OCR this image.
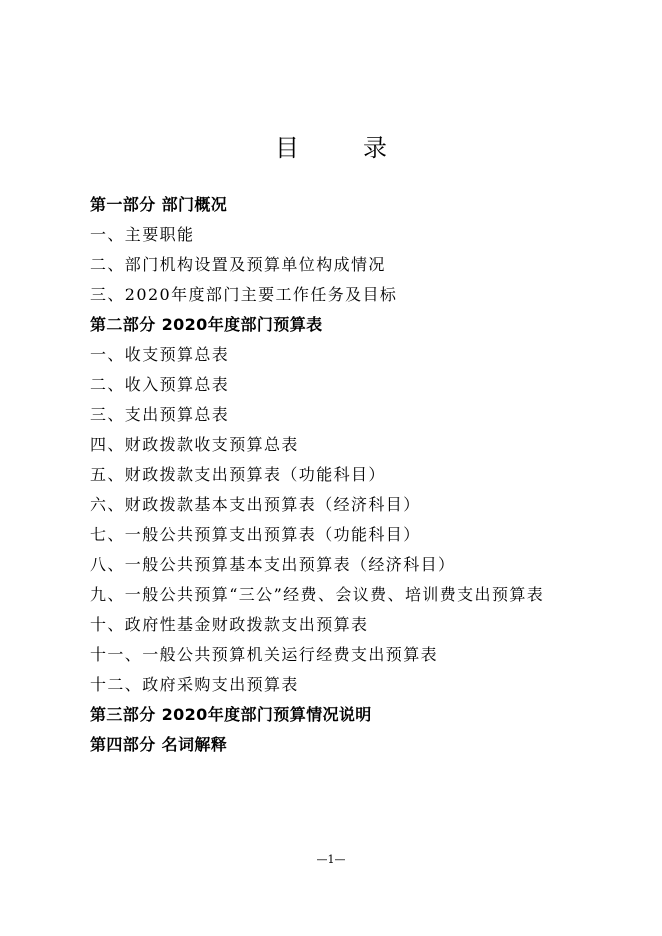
目　录
第一部分 部门概况
一、主要职能
二、部门机构设置及预算单位构成情况
三、2020年度部门主要工作任务及目标
第二部分 2020年度部门预算表
一、收支预算总表
二、收入预算总表
三、支出预算总表
四、财政拨款收支预算总表
五、财政拨款支出预算表（功能科目）
六、财政拨款基本支出预算表（经济科目）
七、一般公共预算支出预算表（功能科目）
八、一般公共预算基本支出预算表（经济科目）
九、一般公共预算“三公”经费、会议费、培训费支出预算表
十、政府性基金财政拨款支出预算表
十一、一般公共预算机关运行经费支出预算表
十二、政府采购支出预算表
第三部分 2020年度部门预算情况说明
第四部分 名词解释
—1—
